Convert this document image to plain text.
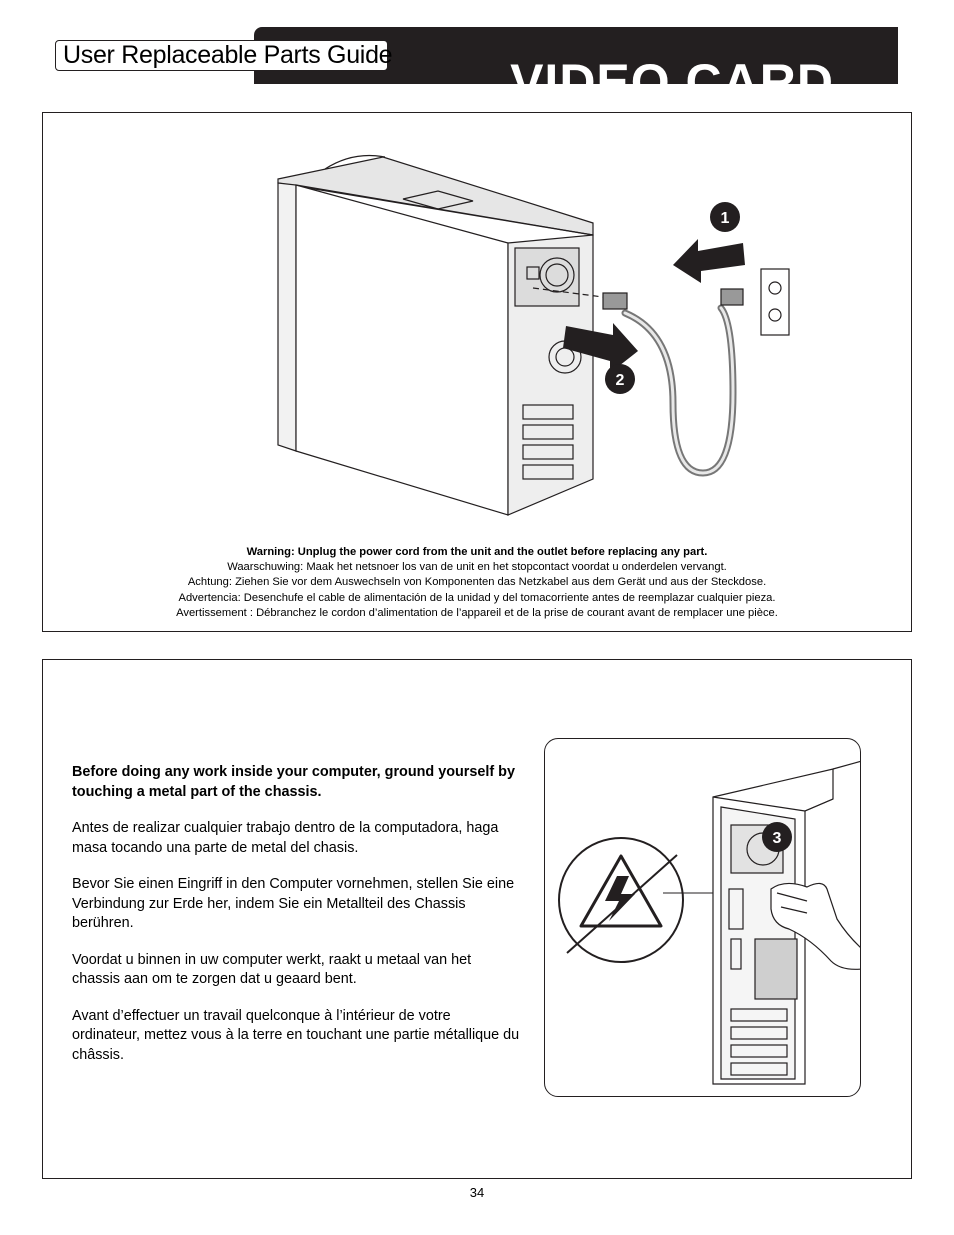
VIDEO CARD
User Replaceable Parts Guide
1
2
Warning: Unplug the power cord from the unit and the outlet before replacing any part.
Waarschuwing: Maak het netsnoer los van de unit en het stopcontact voordat u onderdelen vervangt.
Achtung: Ziehen Sie vor dem Auswechseln von Komponenten das Netzkabel aus dem Gerät und aus der Steckdose.
Advertencia: Desenchufe el cable de alimentación de la unidad y del tomacorriente antes de reemplazar cualquier pieza.
Avertissement : Débranchez le cordon d’alimentation de l’appareil et de la prise de courant avant de remplacer une pièce.

Before doing any work inside your computer, ground yourself by touching a metal part of the chassis.

Antes de realizar cualquier trabajo dentro de la computadora, haga masa tocando una parte de metal del chasis.

Bevor Sie einen Eingriff in den Computer vornehmen, stellen Sie eine Verbindung zur Erde her, indem Sie ein Metallteil des Chassis berühren.

Voordat u binnen in uw computer werkt, raakt u metaal van het chassis aan om te zorgen dat u geaard bent.

Avant d’effectuer un travail quelconque à l’intérieur de votre ordinateur, mettez vous à la terre en touchant une partie métallique du châssis.

3
34
